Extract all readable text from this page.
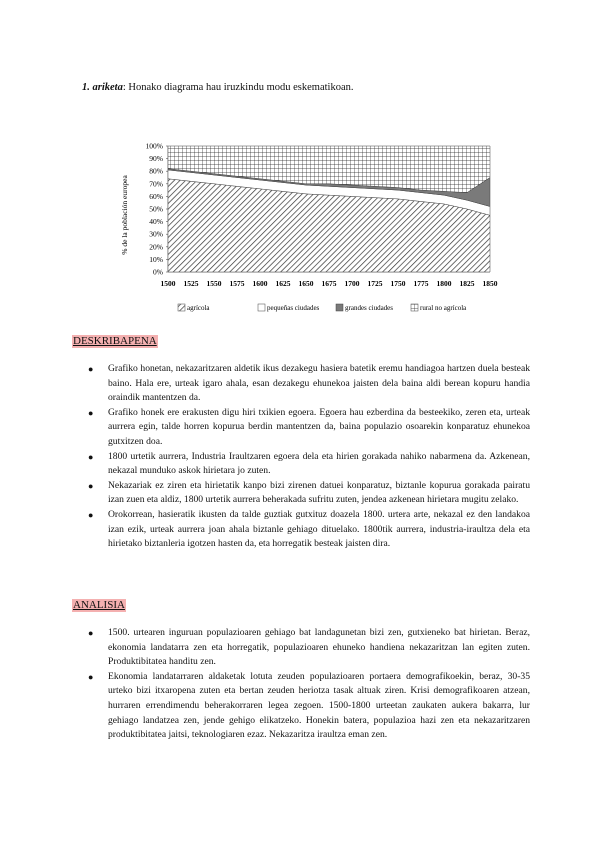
1. ariketa: Honako diagrama hau iruzkindu modu eskematikoan.
0%
10%
20%
30%
40%
50%
60%
70%
80%
90%
100%
1500 1525 1550 1575 1600 1625 1650 1675 1700 1725 1750 1775 1800 1825 1850
agrícola	pequeñas ciudades	grandes ciudades	rural no agrícola
% de la población europea
DESKRIBAPENA
● Grafiko honetan, nekazaritzaren aldetik ikus dezakegu hasiera batetik eremu handiagoa hartzen duela besteak baino. Hala ere, urteak igaro ahala, esan dezakegu ehunekoa jaisten dela baina aldi berean kopuru handia oraindik mantentzen da.
● Grafiko honek ere erakusten digu hiri txikien egoera. Egoera hau ezberdina da besteekiko, zeren eta, urteak aurrera egin, talde horren kopurua berdin mantentzen da, baina populazio osoarekin konparatuz ehunekoa gutxitzen doa.
● 1800 urtetik aurrera, Industria Iraultzaren egoera dela eta hirien gorakada nahiko nabarmena da. Azkenean, nekazal munduko askok hirietara jo zuten.
● Nekazariak ez ziren eta hirietatik kanpo bizi zirenen datuei konparatuz, biztanle kopurua gorakada pairatu izan zuen eta aldiz, 1800 urtetik aurrera beherakada sufritu zuten, jendea azkenean hirietara mugitu zelako.
● Orokorrean, hasieratik ikusten da talde guztiak gutxituz doazela 1800. urtera arte, nekazal ez den landakoa izan ezik, urteak aurrera joan ahala biztanle gehiago dituelako. 1800tik aurrera, industria-iraultza dela eta hirietako biztanleria igotzen hasten da, eta horregatik besteak jaisten dira.
ANALISIA
● 1500. urtearen inguruan populazioaren gehiago bat landagunetan bizi zen, gutxieneko bat hirietan. Beraz, ekonomia landatarra zen eta horregatik, populazioaren ehuneko handiena nekazaritzan lan egiten zuten. Produktibitatea handitu zen.
● Ekonomia landatarraren aldaketak lotuta zeuden populazioaren portaera demografikoekin, beraz, 30-35 urteko bizi itxaropena zuten eta bertan zeuden heriotza tasak altuak ziren. Krisi demografikoaren atzean, hurraren errendimendu beherakorraren legea zegoen. 1500-1800 urteetan zaukaten aukera bakarra, lur gehiago landatzea zen, jende gehigo elikatzeko. Honekin batera, populazioa hazi zen eta nekazaritzaren produktibitatea jaitsi, teknologiaren ezaz. Nekazaritza iraultza eman zen.
